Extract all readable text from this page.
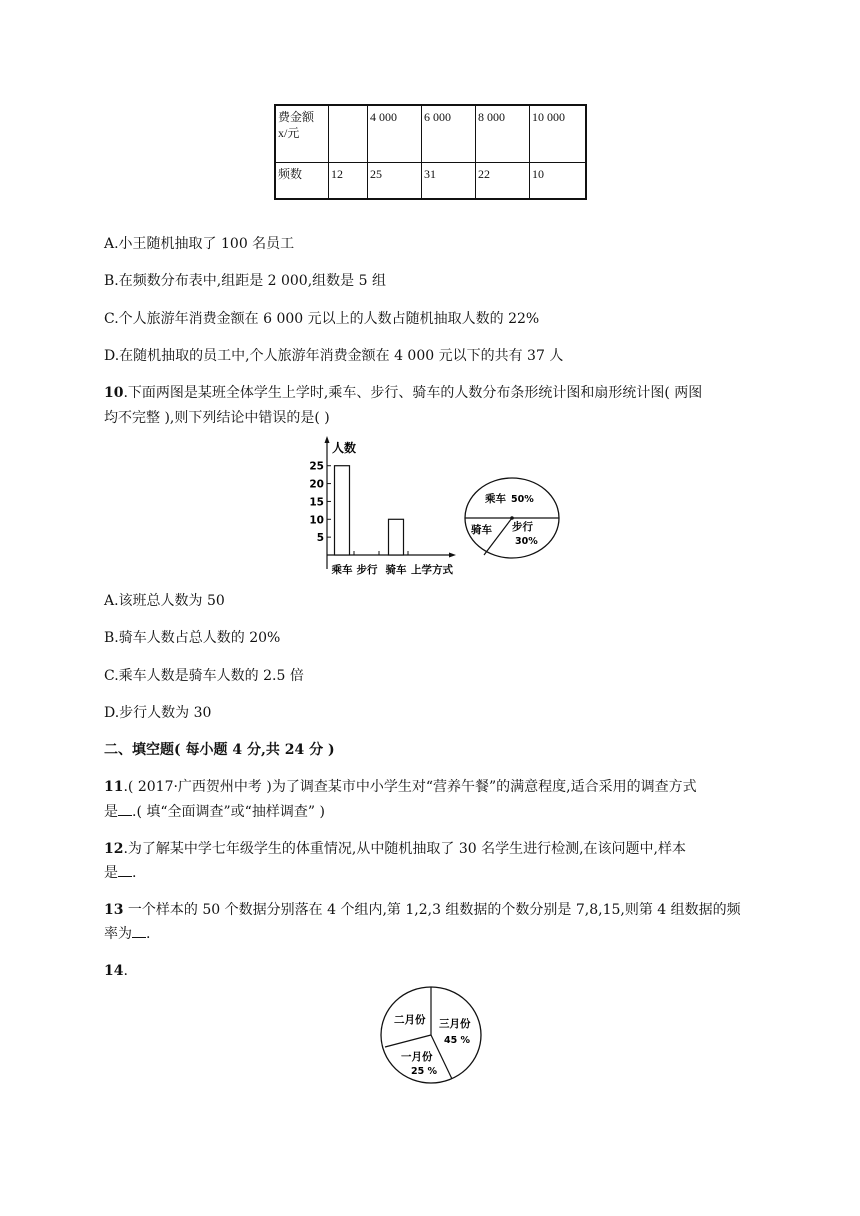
费金额
x/元		4 000	6 000	8 000	10 000
频数	12	25	31	22	10
A.小王随机抽取了 100 名员工
B.在频数分布表中,组距是 2 000,组数是 5 组
C.个人旅游年消费金额在 6 000 元以上的人数占随机抽取人数的 22%
D.在随机抽取的员工中,个人旅游年消费金额在 4 000 元以下的共有 37 人
10.下面两图是某班全体学生上学时,乘车、步行、骑车的人数分布条形统计图和扇形统计图( 两图
均不完整 ),则下列结论中错误的是( )
5
10
15
20
25
乘车 步行 骑车
人数
上学方式
乘车 50%
骑车 步行
30%
A.该班总人数为 50
B.骑车人数占总人数的 20%
C.乘车人数是骑车人数的 2.5 倍
D.步行人数为 30
二、填空题( 每小题 4 分,共 24 分 )
11.( 2017·广西贺州中考 )为了调查某市中小学生对“营养午餐”的满意程度,适合采用的调查方式
是 .( 填“全面调查”或“抽样调查” )
12.为了解某中学七年级学生的体重情况,从中随机抽取了 30 名学生进行检测,在该问题中,样本
是 .
13 一个样本的 50 个数据分别落在 4 个组内,第 1,2,3 组数据的个数分别是 7,8,15,则第 4 组数据的频
率为 .
14.
二月份 三月份
45 %
一月份
25 %
